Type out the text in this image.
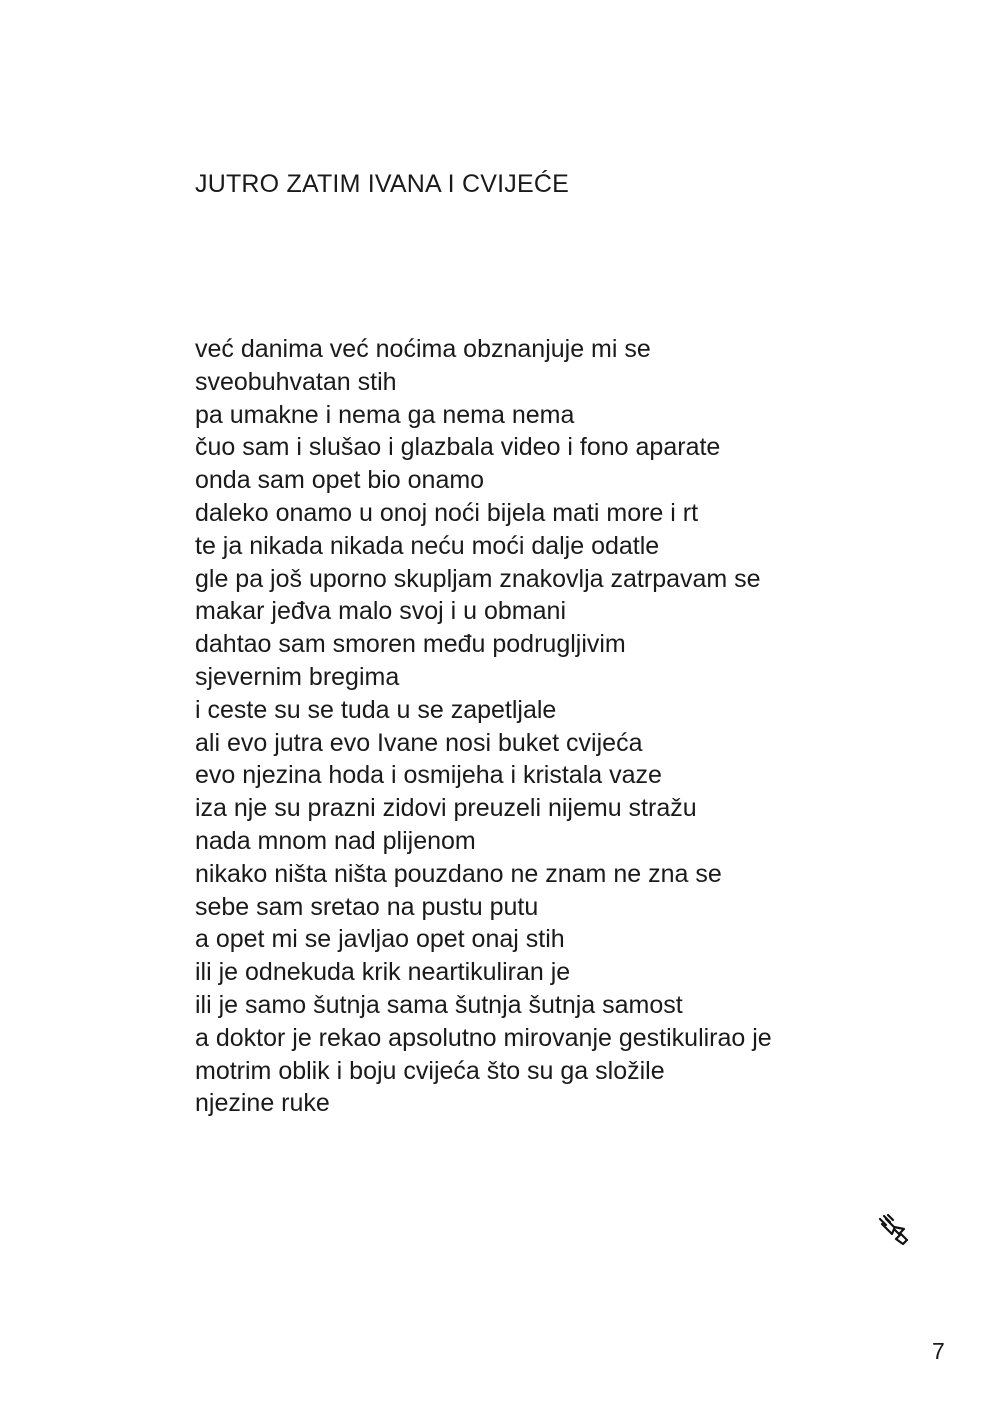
JUTRO ZATIM IVANA I CVIJEĆE
već danima već noćima obznanjuje mi se
sveobuhvatan stih
pa umakne i nema ga nema nema
čuo sam i slušao i glazbala video i fono aparate
onda sam opet bio onamo
daleko onamo u onoj noći bijela mati more i rt
te ja nikada nikada neću moći dalje odatle
gle pa još uporno skupljam znakovlja zatrpavam se
makar jeđva malo svoj i u obmani
dahtao sam smoren među podrugljivim
sjevernim bregima
i ceste su se tuda u se zapetljale
ali evo jutra evo Ivane nosi buket cvijeća
evo njezina hoda i osmijeha i kristala vaze
iza nje su prazni zidovi preuzeli nijemu stražu
nada mnom nad plijenom
nikako ništa ništa pouzdano ne znam ne zna se
sebe sam sretao na pustu putu
a opet mi se javljao opet onaj stih
ili je odnekuda krik neartikuliran je
ili je samo šutnja sama šutnja šutnja samost
a doktor je rekao apsolutno mirovanje gestikulirao je
motrim oblik i boju cvijeća što su ga složile
njezine ruke
7
